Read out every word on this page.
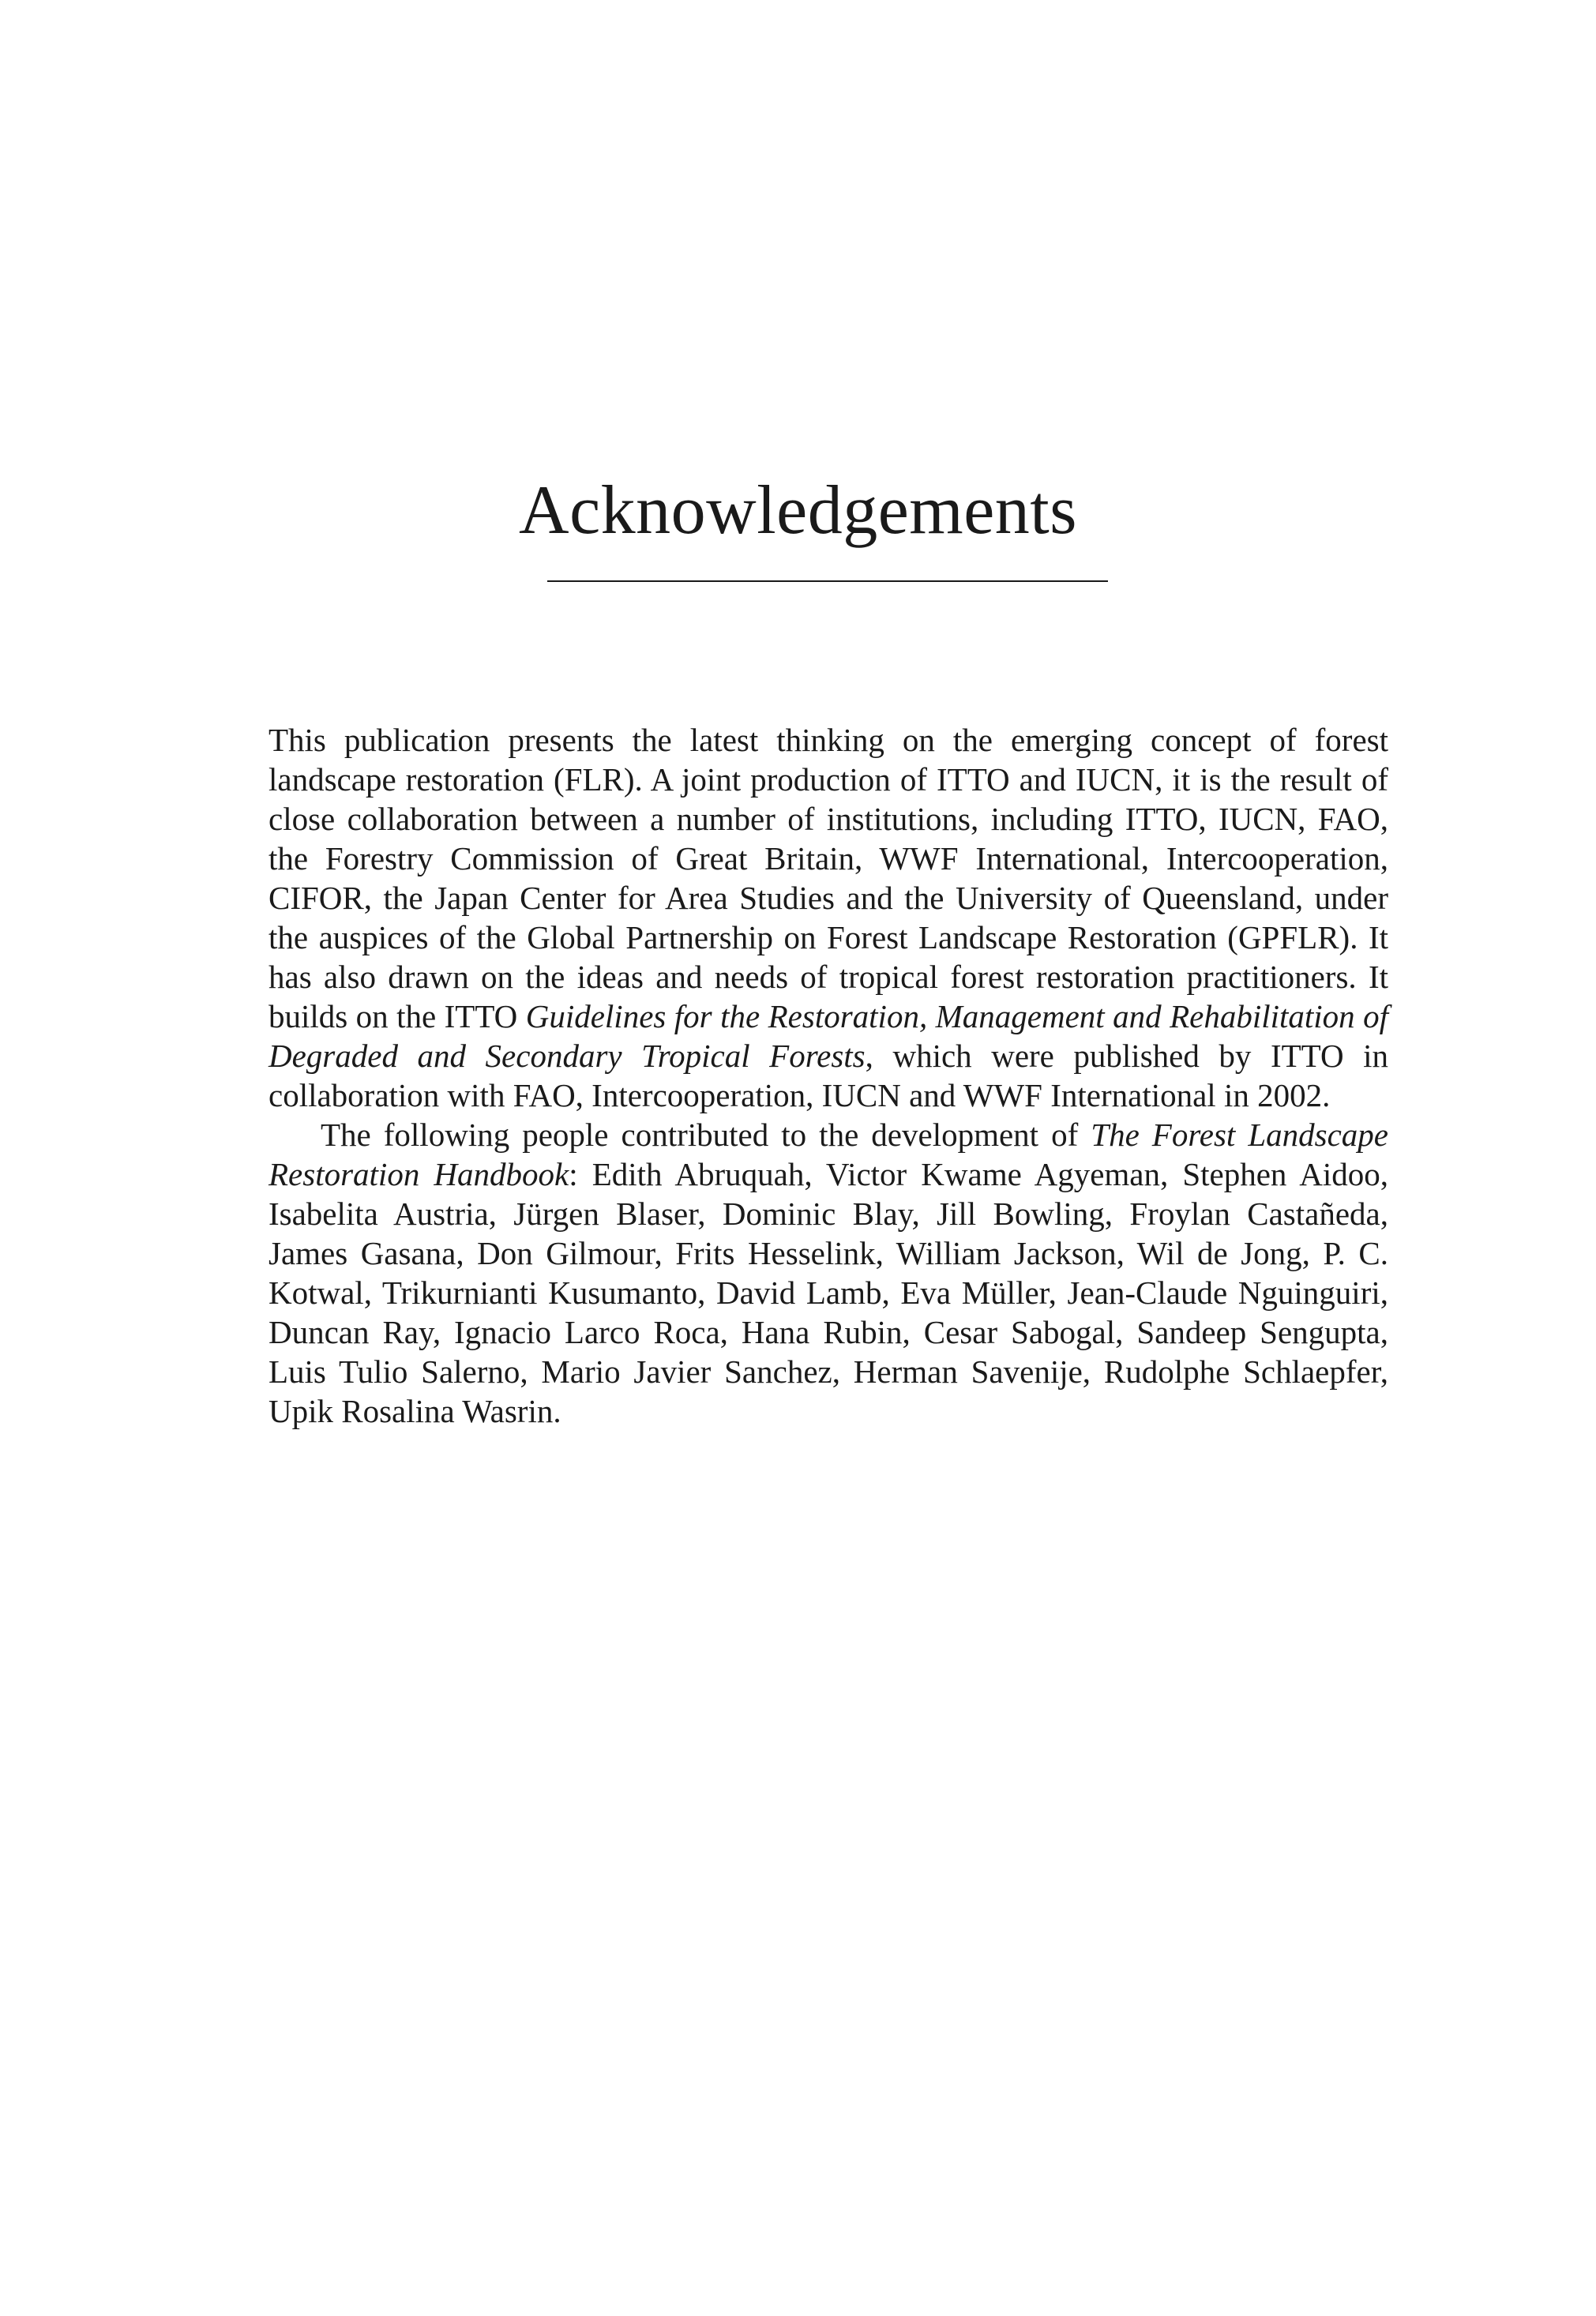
Acknowledgements

This publication presents the latest thinking on the emerging concept of forest landscape restoration (FLR). A joint production of ITTO and IUCN, it is the result of close collaboration between a number of institutions, including ITTO, IUCN, FAO, the Forestry Commission of Great Britain, WWF International, Intercooperation, CIFOR, the Japan Center for Area Studies and the University of Queensland, under the auspices of the Global Partnership on Forest Landscape Restoration (GPFLR). It has also drawn on the ideas and needs of tropical forest restoration practitioners. It builds on the ITTO Guidelines for the Restoration, Management and Rehabilitation of Degraded and Secondary Tropical Forests, which were published by ITTO in collaboration with FAO, Intercooperation, IUCN and WWF International in 2002.

The following people contributed to the development of The Forest Landscape Restoration Handbook: Edith Abruquah, Victor Kwame Agyeman, Stephen Aidoo, Isabelita Austria, Jürgen Blaser, Dominic Blay, Jill Bowling, Froylan Castañeda, James Gasana, Don Gilmour, Frits Hesselink, William Jackson, Wil de Jong, P. C. Kotwal, Trikurnianti Kusumanto, David Lamb, Eva Müller, Jean-Claude Nguinguiri, Duncan Ray, Ignacio Larco Roca, Hana Rubin, Cesar Sabogal, Sandeep Sengupta, Luis Tulio Salerno, Mario Javier Sanchez, Herman Savenije, Rudolphe Schlaepfer, Upik Rosalina Wasrin.
